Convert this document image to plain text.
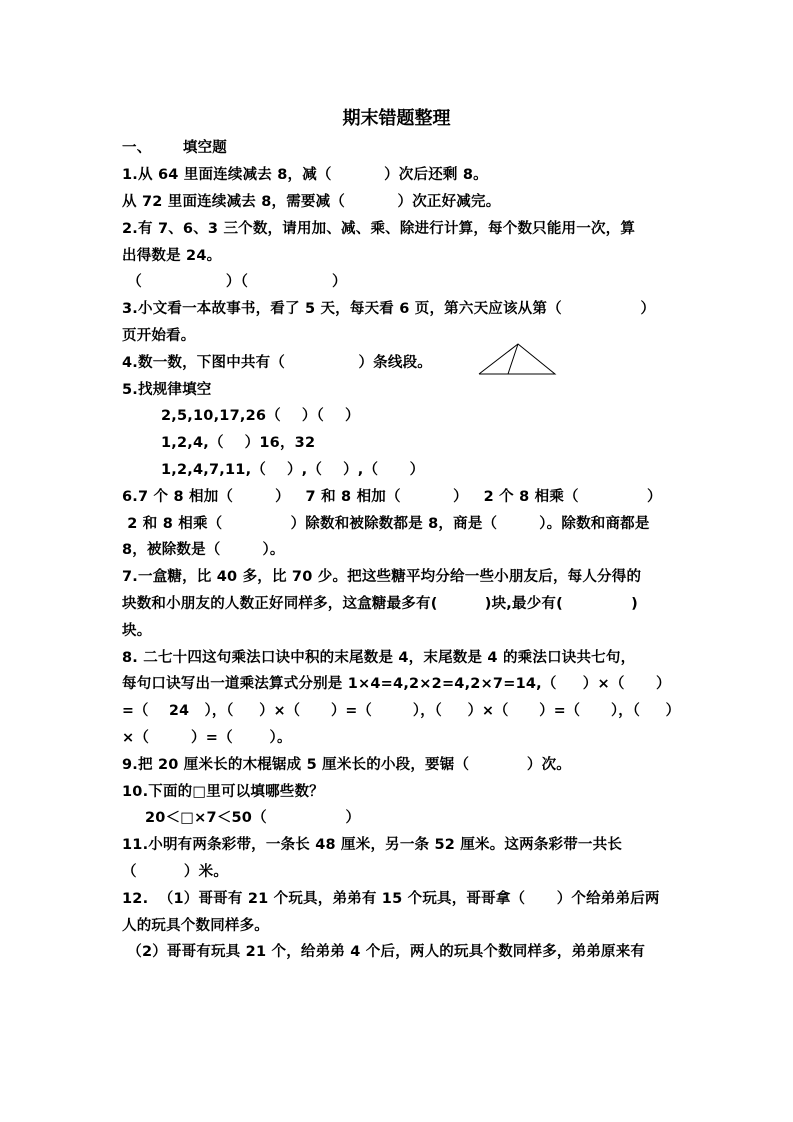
期末错题整理
一、      填空题
1.从 64 里面连续减去 8，减（          ）次后还剩 8。
从 72 里面连续减去 8，需要减（          ）次正好减完。
2.有 7、6、3 三个数，请用加、减、乘、除进行计算，每个数只能用一次，算
出得数是 24。
（                ）（                ）
3.小文看一本故事书，看了 5 天，每天看 6 页，第六天应该从第（               ）
页开始看。
4.数一数，下图中共有（              ）条线段。
5.找规律填空
2,5,10,17,26（    ）（    ）
1,2,4,（    ）16，32
1,2,4,7,11,（    ）,（    ）,（      ）
6.7 个 8 相加（        ）   7 和 8 相加（          ）   2 个 8 相乘（             ）
2 和 8 相乘（             ）除数和被除数都是 8，商是（        ）。除数和商都是
8，被除数是（        ）。
7.一盒糖，比 40 多，比 70 少。把这些糖平均分给一些小朋友后，每人分得的
块数和小朋友的人数正好同样多，这盒糖最多有(         )块,最少有(             )
块。
8. 二七十四这句乘法口诀中积的末尾数是 4，末尾数是 4 的乘法口诀共七句，
每句口诀写出一道乘法算式分别是 1×4=4,2×2=4,2×7=14,（     ）×（      ）
=（    24   ），（     ）×（      ）=（        ），（     ）×（      ）=（      ），（     ）
×（        ）=（       ）。
9.把 20 厘米长的木棍锯成 5 厘米长的小段，要锯（           ）次。
10.下面的□里可以填哪些数？
20＜□×7＜50（               ）
11.小明有两条彩带，一条长 48 厘米，另一条 52 厘米。这两条彩带一共长
（         ）米。
12.  （1）哥哥有 21 个玩具，弟弟有 15 个玩具，哥哥拿（      ）个给弟弟后两
人的玩具个数同样多。
（2）哥哥有玩具 21 个，给弟弟 4 个后，两人的玩具个数同样多，弟弟原来有
